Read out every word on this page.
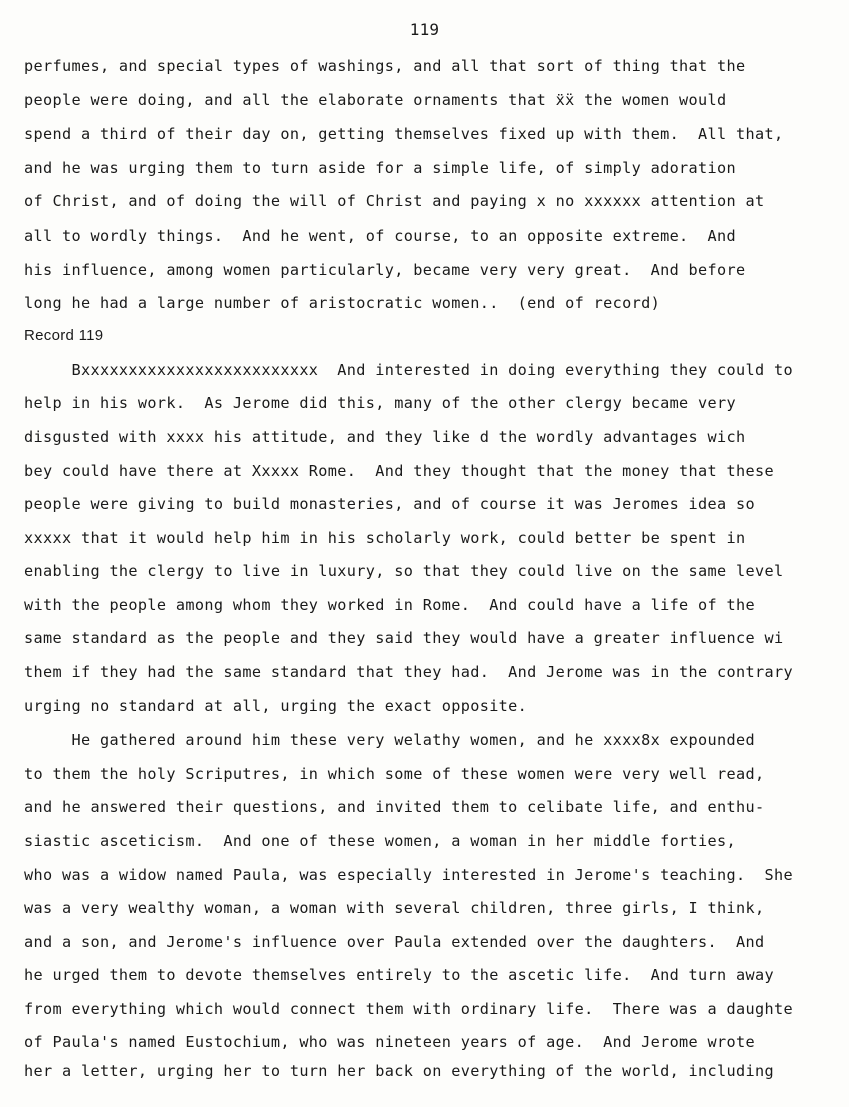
119
perfumes, and special types of washings, and all that sort of thing that the
people were doing, and all the elaborate ornaments that ẍ̈x the women would
spend a third of their day on, getting themselves fixed up with them.  All that,
and he was urging them to turn aside for a simple life, of simply adoration
of Christ, and of doing the will of Christ and paying x no xxxxxx attention at
all to wordly things.  And he went, of course, to an opposite extreme.  And
his influence, among women particularly, became very very great.  And before
long he had a large number of aristocratic women..  (end of record)
Record 119
Bxxxxxxxxxxxxxxxxxxxxxxxxx  And interested in doing everything they could to
help in his work.  As Jerome did this, many of the other clergy became very
disgusted with xxxx his attitude, and they like d the wordly advantages wich
bey could have there at Xxxxx Rome.  And they thought that the money that these
people were giving to build monasteries, and of course it was Jeromes idea so
xxxxx that it would help him in his scholarly work, could better be spent in
enabling the clergy to live in luxury, so that they could live on the same level
with the people among whom they worked in Rome.  And could have a life of the
same standard as the people and they said they would have a greater influence wi
them if they had the same standard that they had.  And Jerome was in the contrary
urging no standard at all, urging the exact opposite.
He gathered around him these very welathy women, and he xxxx8x expounded
to them the holy Scriputres, in which some of these women were very well read,
and he answered their questions, and invited them to celibate life, and enthu-
siastic asceticism.  And one of these women, a woman in her middle forties,
who was a widow named Paula, was especially interested in Jerome's teaching.  She
was a very wealthy woman, a woman with several children, three girls, I think,
and a son, and Jerome's influence over Paula extended over the daughters.  And
he urged them to devote themselves entirely to the ascetic life.  And turn away
from everything which would connect them with ordinary life.  There was a daughte
of Paula's named Eustochium, who was nineteen years of age.  And Jerome wrote
her a letter, urging her to turn her back on everything of the world, including
